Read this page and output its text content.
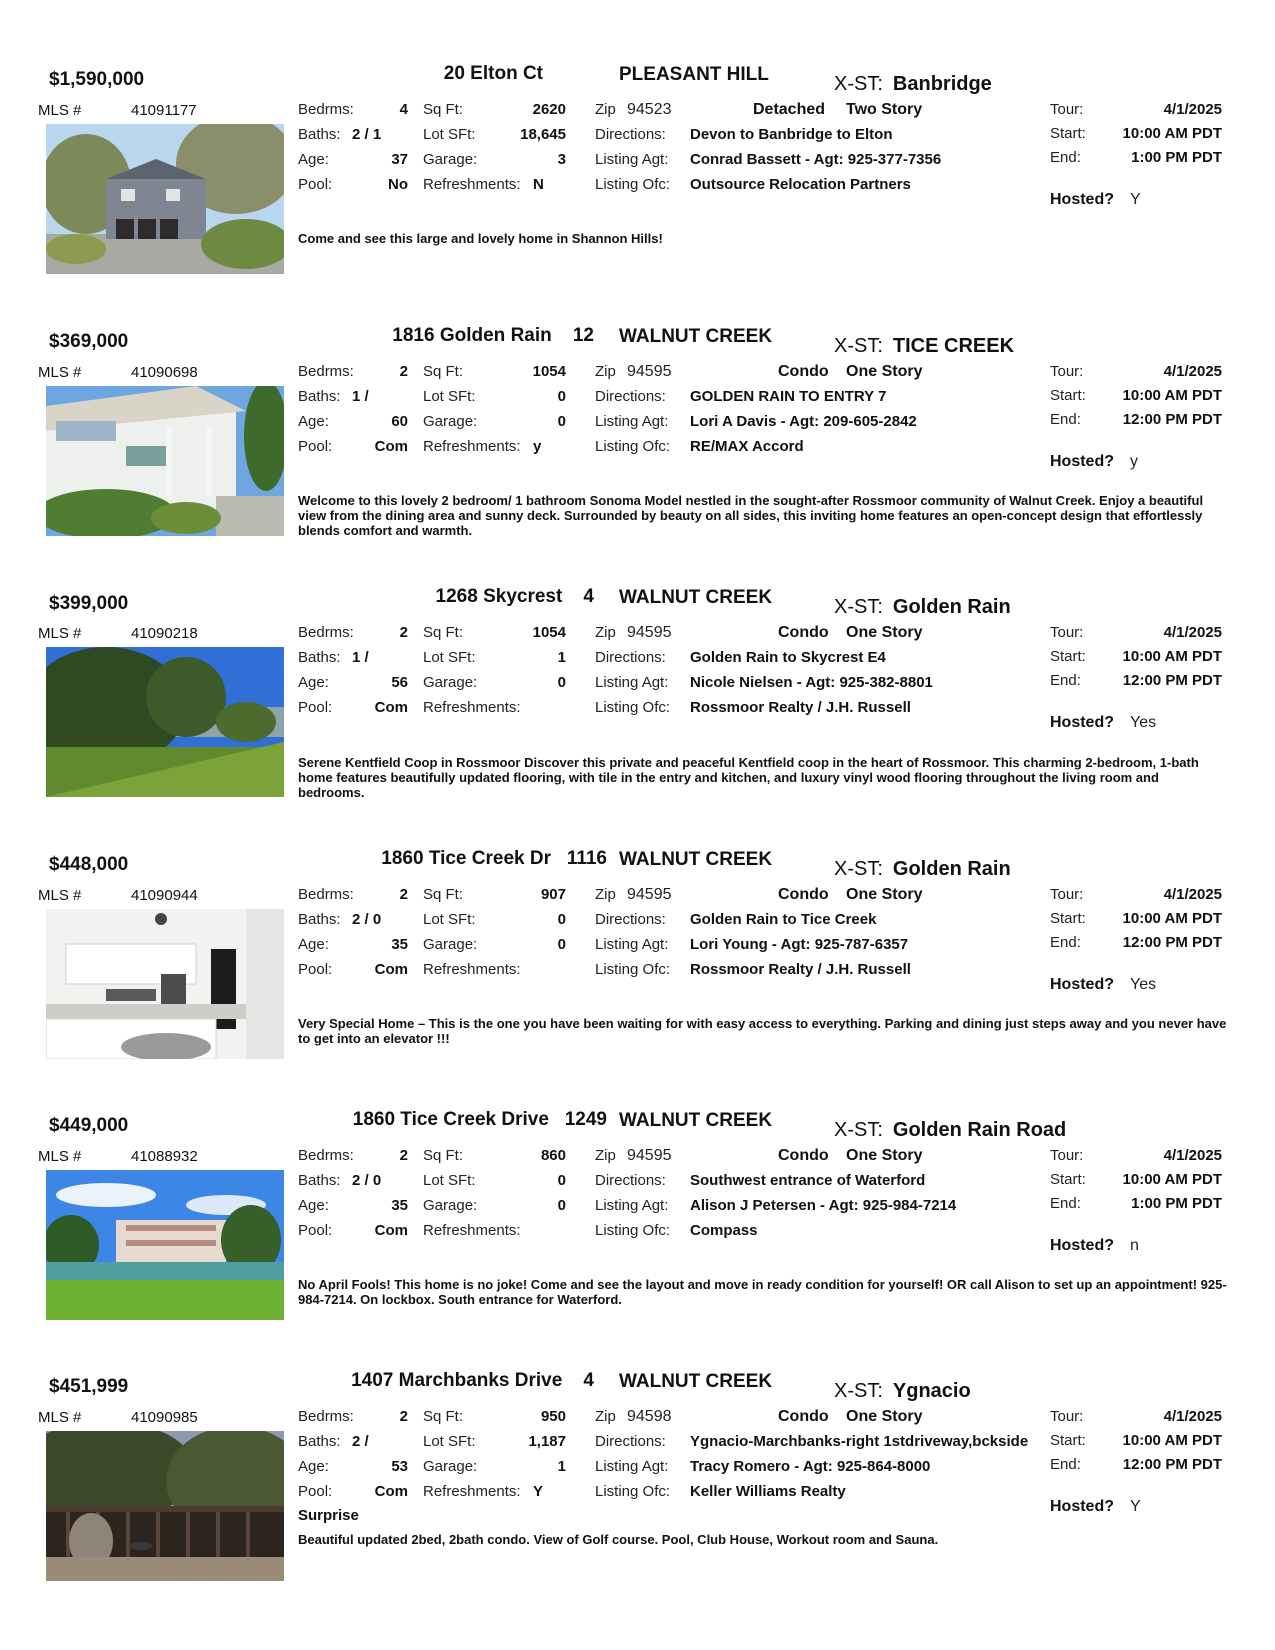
$1,590,000	20 Elton Ct	PLEASANT HILL	X-ST: Banbridge
MLS #	41091177	Bedrms:	4
Baths: 2 / 1
Age:	37
Pool:	No
Sq Ft:	2620
Lot SFt:	18,645
Garage:	3
Refreshments: N
Zip 94523	Detached Two Story
Directions: Devon to Banbridge to Elton
Listing Agt: Conrad Bassett - Agt: 925-377-7356
Listing Ofc: Outsource Relocation Partners
Tour:	4/1/2025
Start:	10:00 AM PDT
End:	1:00 PM PDT
Hosted? Y
Come and see this large and lovely home in Shannon Hills!
$369,000	1816 Golden Rain    12 WALNUT CREEK	X-ST: TICE CREEK
MLS #	41090698	Bedrms:	2
Baths: 1 /
Age:	60
Pool:	Com
Sq Ft:	1054
Lot SFt:	0
Garage:	0
Refreshments: y
Zip 94595	Condo One Story
Directions: GOLDEN RAIN TO ENTRY 7
Listing Agt: Lori A Davis - Agt: 209-605-2842
Listing Ofc: RE/MAX Accord
Tour:	4/1/2025
Start:	10:00 AM PDT
End:	12:00 PM PDT
Hosted? y
Welcome to this lovely 2 bedroom/ 1 bathroom Sonoma Model nestled in the sought-after Rossmoor community of Walnut Creek. Enjoy a beautiful view from the dining area and sunny deck. Surrounded by beauty on all sides, this inviting home features an open-concept design that effortlessly blends comfort and warmth.
$399,000	1268 Skycrest    4 WALNUT CREEK	X-ST: Golden Rain
MLS #	41090218	Bedrms:	2
Baths: 1 /
Age:	56
Pool:	Com
Sq Ft:	1054
Lot SFt:	1
Garage:	0
Refreshments:
Zip 94595	Condo One Story
Directions: Golden Rain to Skycrest E4
Listing Agt: Nicole Nielsen - Agt: 925-382-8801
Listing Ofc: Rossmoor Realty / J.H. Russell
Tour:	4/1/2025
Start:	10:00 AM PDT
End:	12:00 PM PDT
Hosted? Yes
Serene Kentfield Coop in Rossmoor Discover this private and peaceful Kentfield coop in the heart of Rossmoor. This charming 2-bedroom, 1-bath home features beautifully updated flooring, with tile in the entry and kitchen, and luxury vinyl wood flooring throughout the living room and bedrooms.
$448,000	1860 Tice Creek Dr   1116 WALNUT CREEK	X-ST: Golden Rain
MLS #	41090944	Bedrms:	2
Baths: 2 / 0
Age:	35
Pool:	Com
Sq Ft:	907
Lot SFt:	0
Garage:	0
Refreshments:
Zip 94595	Condo One Story
Directions: Golden Rain to Tice Creek
Listing Agt: Lori Young - Agt: 925-787-6357
Listing Ofc: Rossmoor Realty / J.H. Russell
Tour:	4/1/2025
Start:	10:00 AM PDT
End:	12:00 PM PDT
Hosted? Yes
Very Special Home – This is the one you have been waiting for with easy access to everything. Parking and dining just steps away and you never have to get into an elevator !!!
$449,000	1860 Tice Creek Drive   1249 WALNUT CREEK	X-ST: Golden Rain Road
MLS #	41088932	Bedrms:	2
Baths: 2 / 0
Age:	35
Pool:	Com
Sq Ft:	860
Lot SFt:	0
Garage:	0
Refreshments:
Zip 94595	Condo One Story
Directions: Southwest entrance of Waterford
Listing Agt: Alison J Petersen - Agt: 925-984-7214
Listing Ofc: Compass
Tour:	4/1/2025
Start:	10:00 AM PDT
End:	1:00 PM PDT
Hosted? n
No April Fools! This home is no joke! Come and see the layout and move in ready condition for yourself! OR call Alison to set up an appointment! 925-984-7214. On lockbox. South entrance for Waterford.
$451,999	1407 Marchbanks Drive    4 WALNUT CREEK	X-ST: Ygnacio
MLS #	41090985	Bedrms:	2
Baths: 2 /
Age:	53
Pool:	Com
Sq Ft:	950
Lot SFt:	1,187
Garage:	1
Refreshments: Y
Zip 94598	Condo One Story
Directions: Ygnacio-Marchbanks-right 1stdriveway,bckside
Listing Agt: Tracy Romero - Agt: 925-864-8000
Listing Ofc: Keller Williams Realty
Tour:	4/1/2025
Start:	10:00 AM PDT
End:	12:00 PM PDT
Hosted? Y
Surprise
Beautiful updated 2bed, 2bath condo. View of Golf course. Pool, Club House, Workout room and Sauna.
